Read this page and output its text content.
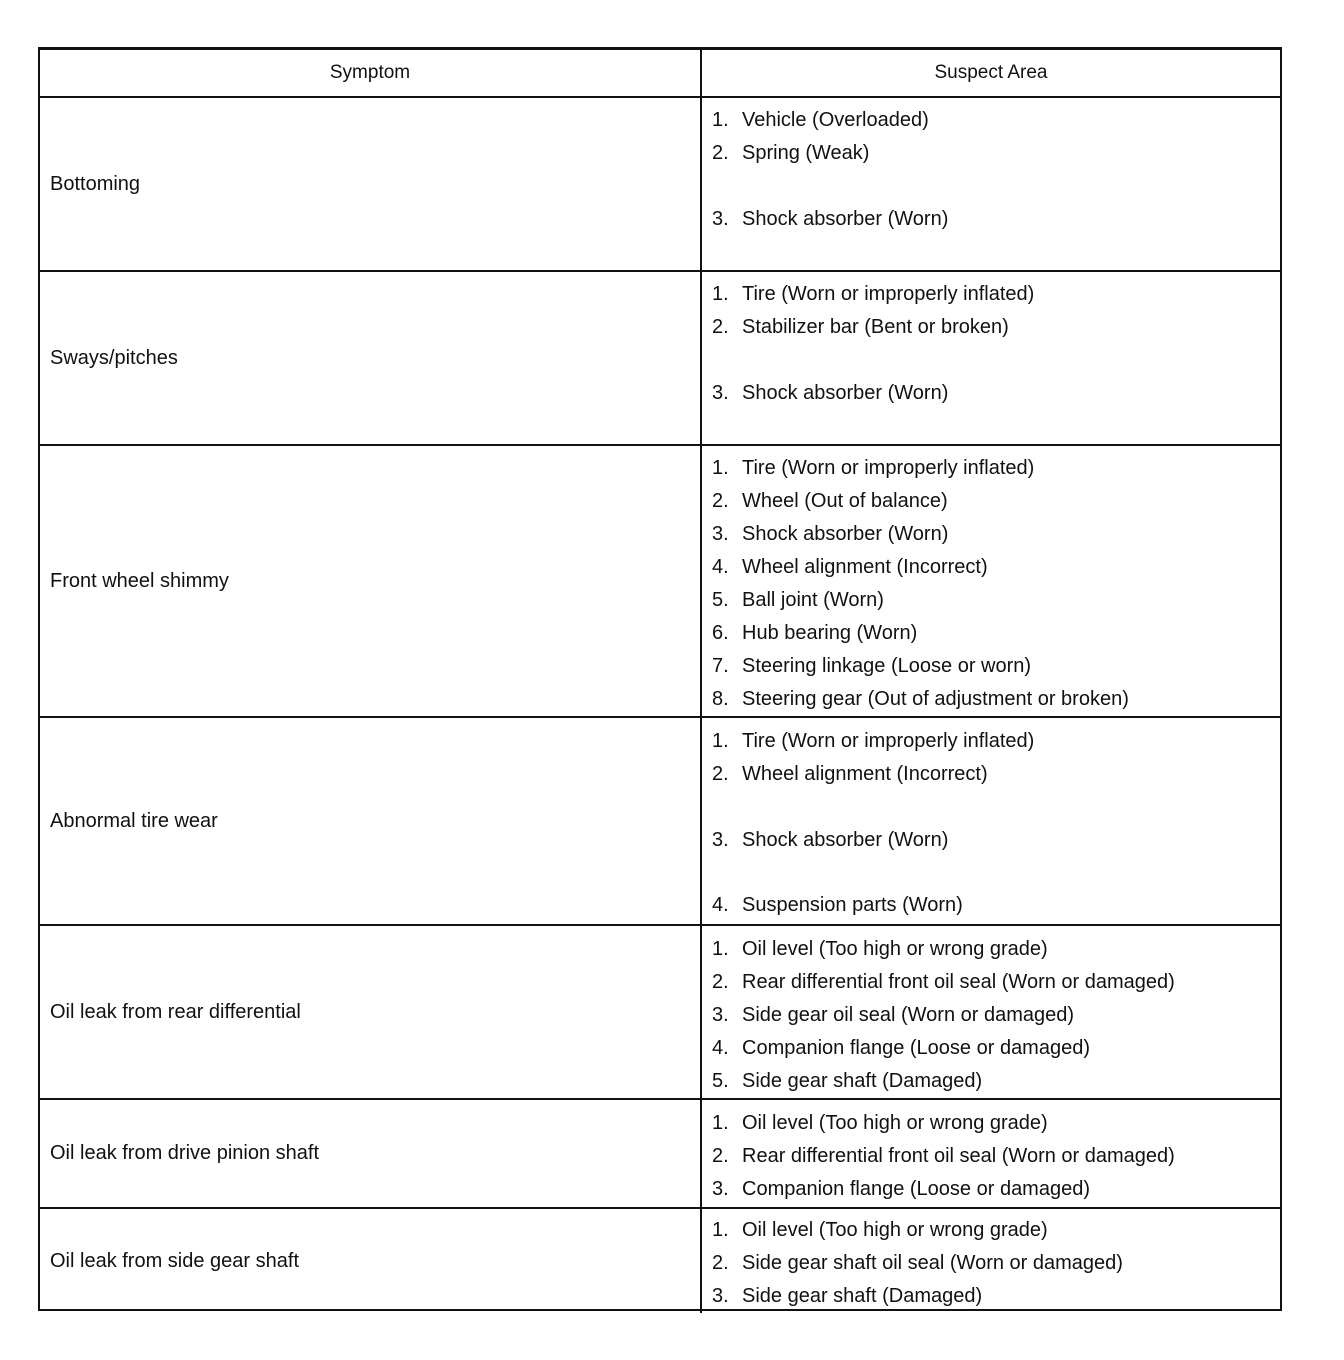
Symptom	Suspect Area
Bottoming
1. Vehicle (Overloaded)
2. Spring (Weak)
3. Shock absorber (Worn)
Sways/pitches
1. Tire (Worn or improperly inflated)
2. Stabilizer bar (Bent or broken)
3. Shock absorber (Worn)
Front wheel shimmy
1. Tire (Worn or improperly inflated)
2. Wheel (Out of balance)
3. Shock absorber (Worn)
4. Wheel alignment (Incorrect)
5. Ball joint (Worn)
6. Hub bearing (Worn)
7. Steering linkage (Loose or worn)
8. Steering gear (Out of adjustment or broken)
Abnormal tire wear
1. Tire (Worn or improperly inflated)
2. Wheel alignment (Incorrect)
3. Shock absorber (Worn)
4. Suspension parts (Worn)
Oil leak from rear differential
1. Oil level (Too high or wrong grade)
2. Rear differential front oil seal (Worn or damaged)
3. Side gear oil seal (Worn or damaged)
4. Companion flange (Loose or damaged)
5. Side gear shaft (Damaged)
Oil leak from drive pinion shaft
1. Oil level (Too high or wrong grade)
2. Rear differential front oil seal (Worn or damaged)
3. Companion flange (Loose or damaged)
Oil leak from side gear shaft
1. Oil level (Too high or wrong grade)
2. Side gear shaft oil seal (Worn or damaged)
3. Side gear shaft (Damaged)
